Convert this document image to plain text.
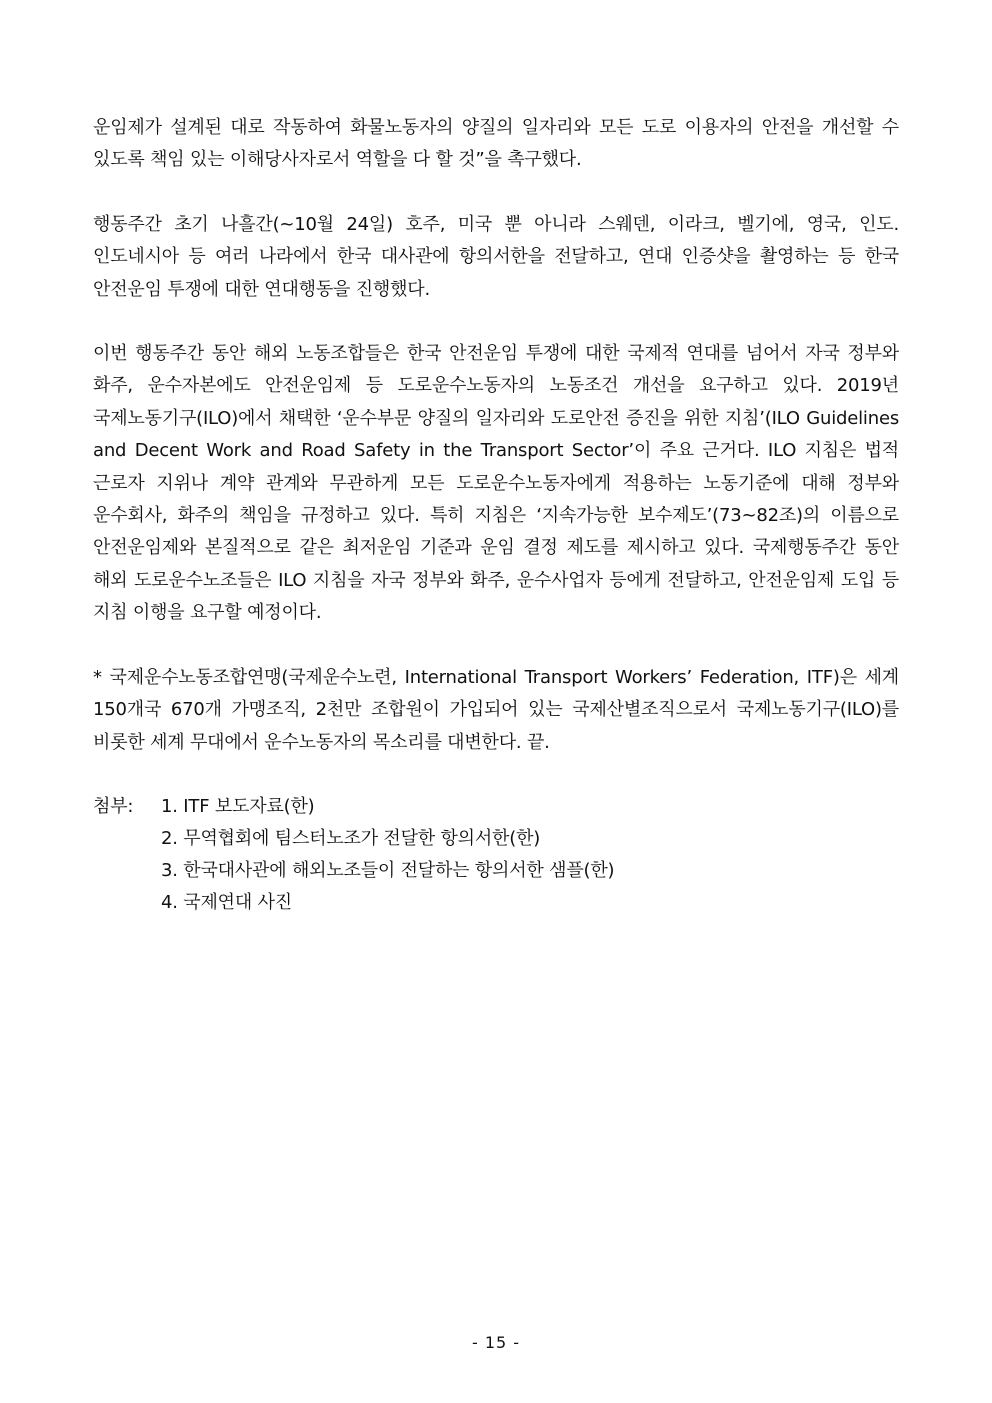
운임제가 설계된 대로 작동하여 화물노동자의 양질의 일자리와 모든 도로 이용자의 안전을 개선할 수 있도록 책임 있는 이해당사자로서 역할을 다 할 것”을 촉구했다.

행동주간 초기 나흘간(~10월 24일) 호주, 미국 뿐 아니라 스웨덴, 이라크, 벨기에, 영국, 인도. 인도네시아 등 여러 나라에서 한국 대사관에 항의서한을 전달하고, 연대 인증샷을 촬영하는 등 한국 안전운임 투쟁에 대한 연대행동을 진행했다.

이번 행동주간 동안 해외 노동조합들은 한국 안전운임 투쟁에 대한 국제적 연대를 넘어서 자국 정부와 화주, 운수자본에도 안전운임제 등 도로운수노동자의 노동조건 개선을 요구하고 있다. 2019년 국제노동기구(ILO)에서 채택한 ‘운수부문 양질의 일자리와 도로안전 증진을 위한 지침’(ILO Guidelines and Decent Work and Road Safety in the Transport Sector’이 주요 근거다. ILO 지침은 법적 근로자 지위나 계약 관계와 무관하게 모든 도로운수노동자에게 적용하는 노동기준에 대해 정부와 운수회사, 화주의 책임을 규정하고 있다. 특히 지침은 ‘지속가능한 보수제도’(73~82조)의 이름으로 안전운임제와 본질적으로 같은 최저운임 기준과 운임 결정 제도를 제시하고 있다. 국제행동주간 동안 해외 도로운수노조들은 ILO 지침을 자국 정부와 화주, 운수사업자 등에게 전달하고, 안전운임제 도입 등 지침 이행을 요구할 예정이다.

* 국제운수노동조합연맹(국제운수노련, International Transport Workers’ Federation, ITF)은 세계 150개국 670개 가맹조직, 2천만 조합원이 가입되어 있는 국제산별조직으로서 국제노동기구(ILO)를 비롯한 세계 무대에서 운수노동자의 목소리를 대변한다. 끝.

첨부:	1. ITF 보도자료(한)
2. 무역협회에 팀스터노조가 전달한 항의서한(한)
3. 한국대사관에 해외노조들이 전달하는 항의서한 샘플(한)
4. 국제연대 사진
- 15 -
